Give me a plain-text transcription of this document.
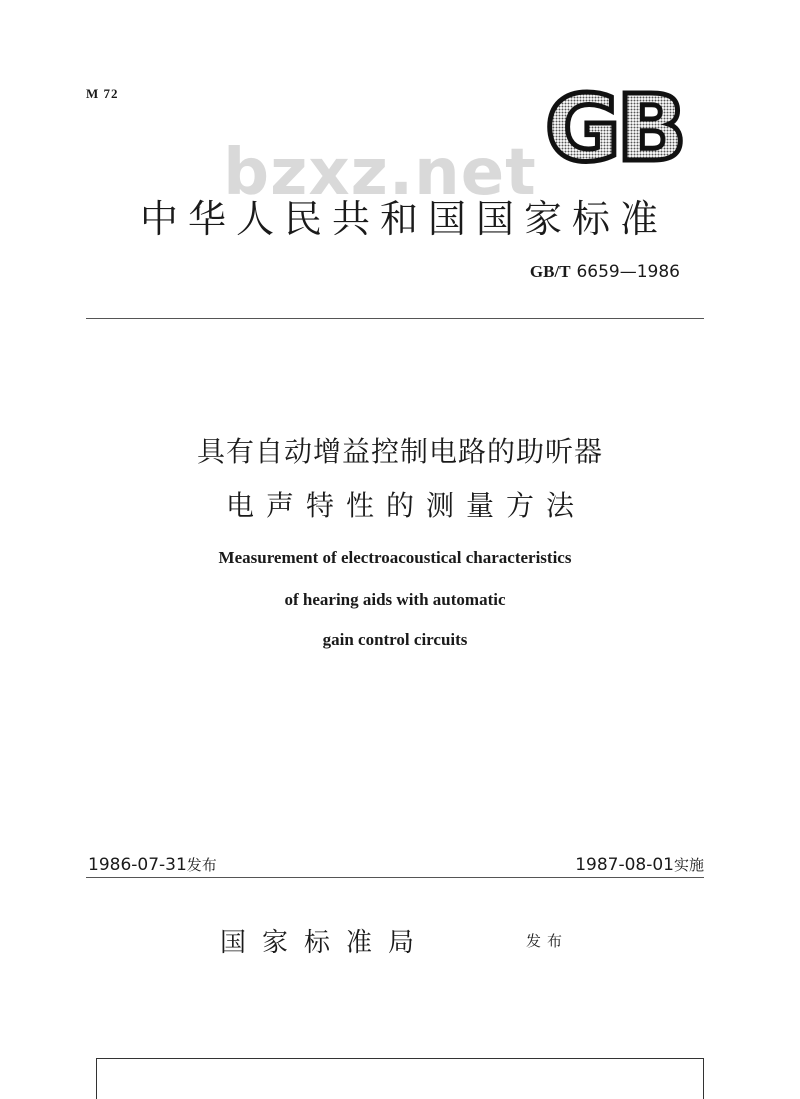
M 72
bzxz.net GB
中华人民共和国国家标准
GB/T 6659—1986
具有自动增益控制电路的助听器
电声特性的测量方法
Measurement of electroacoustical characteristics
of hearing aids with automatic
gain control circuits
1986-07-31发布	1987-08-01实施
国家标准局	发布
